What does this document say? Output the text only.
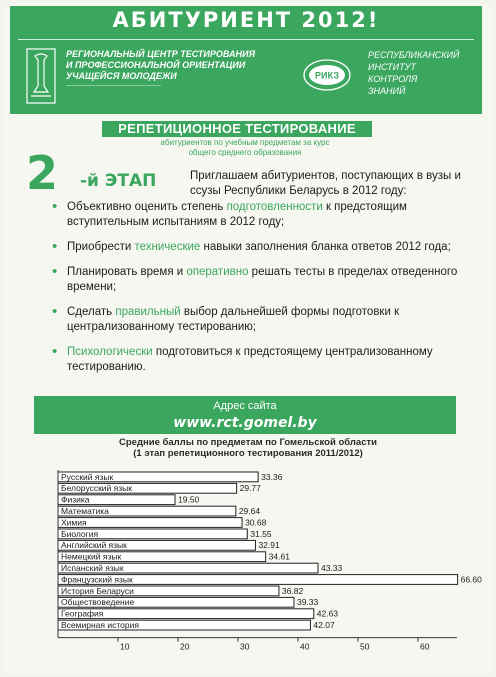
АБИТУРИЕНТ 2012!
РЕГИОНАЛЬНЫЙ ЦЕНТР ТЕСТИРОВАНИЯ
И ПРОФЕССИОНАЛЬНОЙ ОРИЕНТАЦИИ
УЧАЩЕЙСЯ МОЛОДЕЖИ
———————————————————
РИКЗ
РЕСПУБЛИКАНСКИЙ
ИНСТИТУТ
КОНТРОЛЯ
ЗНАНИЙ
РЕПЕТИЦИОННОЕ ТЕСТИРОВАНИЕ
абитуриентов по учебным предметам за курс общего среднего образования
2 -й ЭТАП	Приглашаем абитуриентов, поступающих в вузы и ссузы Республики Беларусь в 2012 году:
• Объективно оценить степень подготовленности к предстоящим вступительным испытаниям в 2012 году;
• Приобрести технические навыки заполнения бланка ответов 2012 года;
• Планировать время и оперативно решать тесты в пределах отведенного времени;
• Сделать правильный выбор дальнейшей формы подготовки к централизованному тестированию;
• Психологически подготовиться к предстоящему централизованному тестированию.
Адрес сайта
www.rct.gomel.by
Средние баллы по предметам по Гомельской области
(1 этап репетиционного тестирования 2011/2012)
Русский язык	33.36
Белорусский язык	29.77
Физика	19.50
Математика	29.64
Химия	30.68
Биология	31.55
Английский язык	32.91
Немецкий язык	34.61
Испанский язык	43.33
Французский язык	66.60
История Беларуси	36.82
Обществоведение	39.33
География	42.63
Всемирная история	42.07
10	20	30	40	50	60
